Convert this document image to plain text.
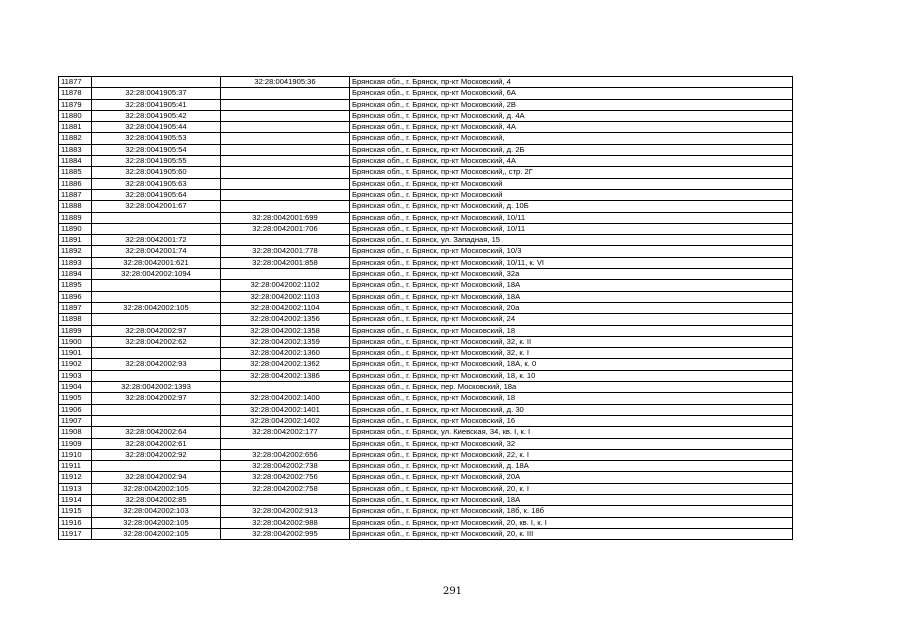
11877		32:28:0041905:36	Брянская обл., г. Брянск, пр-кт Московский, 4
11878	32:28:0041905:37		Брянская обл., г. Брянск, пр-кт Московский, 6А
11879	32:28:0041905:41		Брянская обл., г. Брянск, пр-кт Московский, 2В
11880	32:28:0041905:42		Брянская обл., г. Брянск, пр-кт Московский, д. 4А
11881	32:28:0041905:44		Брянская обл., г. Брянск, пр-кт Московский, 4А
11882	32:28:0041905:53		Брянская обл., г. Брянск, пр-кт Московский,
11883	32:28:0041905:54		Брянская обл., г. Брянск, пр-кт Московский, д. 2Б
11884	32:28:0041905:55		Брянская обл., г. Брянск, пр-кт Московский, 4А
11885	32:28:0041905:60		Брянская обл., г. Брянск, пр-кт Московский,, стр. 2Г
11886	32:28:0041905:63		Брянская обл., г. Брянск, пр-кт Московский
11887	32:28:0041905:64		Брянская обл., г. Брянск, пр-кт Московский
11888	32:28:0042001:67		Брянская обл., г. Брянск, пр-кт Московский, д. 10Б
11889		32:28:0042001:699	Брянская обл., г. Брянск, пр-кт Московский, 10/11
11890		32:28:0042001:706	Брянская обл., г. Брянск, пр-кт Московский, 10/11
11891	32:28:0042001:72		Брянская обл., г. Брянск, ул. Западная, 15
11892	32:28:0042001:74	32:28:0042001:778	Брянская обл., г. Брянск, пр-кт Московский, 10/3
11893	32:28:0042001:621	32:28:0042001:858	Брянская обл., г. Брянск, пр-кт Московский, 10/11, к. VI
11894	32:28:0042002:1094		Брянская обл., г. Брянск, пр-кт Московский, 32а
11895		32:28:0042002:1102	Брянская обл., г. Брянск, пр-кт Московский, 18А
11896		32:28:0042002:1103	Брянская обл., г. Брянск, пр-кт Московский, 18А
11897	32:28:0042002:105	32:28:0042002:1104	Брянская обл., г. Брянск, пр-кт Московский, 20а
11898		32:28:0042002:1356	Брянская обл., г. Брянск, пр-кт Московский, 24
11899	32:28:0042002:97	32:28:0042002:1358	Брянская обл., г. Брянск, пр-кт Московский, 18
11900	32:28:0042002:62	32:28:0042002:1359	Брянская обл., г. Брянск, пр-кт Московский, 32, к. II
11901		32:28:0042002:1360	Брянская обл., г. Брянск, пр-кт Московский, 32, к. I
11902	32:28:0042002:93	32:28:0042002:1362	Брянская обл., г. Брянск, пр-кт Московский, 18А, к. 0
11903		32:28:0042002:1386	Брянская обл., г. Брянск, пр-кт Московский, 18, к. 10
11904	32:28:0042002:1393		Брянская обл., г. Брянск, пер. Московский, 18а
11905	32:28:0042002:97	32:28:0042002:1400	Брянская обл., г. Брянск, пр-кт Московский, 18
11906		32:28:0042002:1401	Брянская обл., г. Брянск, пр-кт Московский, д. 30
11907		32:28:0042002:1402	Брянская обл., г. Брянск, пр-кт Московский, 16
11908	32:28:0042002:64	32:28:0042002:177	Брянская обл., г. Брянск, ул. Киевская, 34, кв. I, к. I
11909	32:28:0042002:61		Брянская обл., г. Брянск, пр-кт Московский, 32
11910	32:28:0042002:92	32:28:0042002:656	Брянская обл., г. Брянск, пр-кт Московский, 22, к. I
11911		32:28:0042002:738	Брянская обл., г. Брянск, пр-кт Московский, д. 18А
11912	32:28:0042002:94	32:28:0042002:756	Брянская обл., г. Брянск, пр-кт Московский, 20А
11913	32:28:0042002:105	32:28:0042002:758	Брянская обл., г. Брянск, пр-кт Московский, 20, к. I
11914	32:28:0042002:85		Брянская обл., г. Брянск, пр-кт Московский, 18А
11915	32:28:0042002:103	32:28:0042002:913	Брянская обл., г. Брянск, пр-кт Московский, 18б, к. 18б
11916	32:28:0042002:105	32:28:0042002:988	Брянская обл., г. Брянск, пр-кт Московский, 20, кв. I, к. I
11917	32:28:0042002:105	32:28:0042002:995	Брянская обл., г. Брянск, пр-кт Московский, 20, к. III
291
